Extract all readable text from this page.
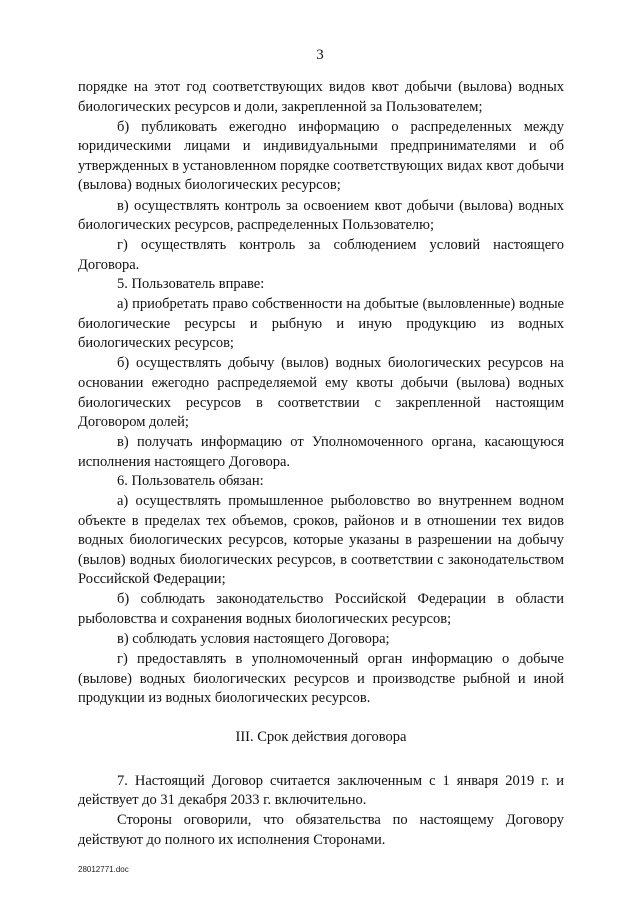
3

порядке на этот год соответствующих видов квот добычи (вылова) водных биологических ресурсов и доли, закрепленной за Пользователем;

б) публиковать ежегодно информацию о распределенных между юридическими лицами и индивидуальными предпринимателями и об утвержденных в установленном порядке соответствующих видах квот добычи (вылова) водных биологических ресурсов;

в) осуществлять контроль за освоением квот добычи (вылова) водных биологических ресурсов, распределенных Пользователю;

г) осуществлять контроль за соблюдением условий настоящего Договора.

5. Пользователь вправе:

а) приобретать право собственности на добытые (выловленные) водные биологические ресурсы и рыбную и иную продукцию из водных биологических ресурсов;

б) осуществлять добычу (вылов) водных биологических ресурсов на основании ежегодно распределяемой ему квоты добычи (вылова) водных биологических ресурсов в соответствии с закрепленной настоящим Договором долей;

в) получать информацию от Уполномоченного органа, касающуюся исполнения настоящего Договора.

6. Пользователь обязан:

а) осуществлять промышленное рыболовство во внутреннем водном объекте в пределах тех объемов, сроков, районов и в отношении тех видов водных биологических ресурсов, которые указаны в разрешении на добычу (вылов) водных биологических ресурсов, в соответствии с законодательством Российской Федерации;

б) соблюдать законодательство Российской Федерации в области рыболовства и сохранения водных биологических ресурсов;

в) соблюдать условия настоящего Договора;

г) предоставлять в уполномоченный орган информацию о добыче (вылове) водных биологических ресурсов и производстве рыбной и иной продукции из водных биологических ресурсов.

III. Срок действия договора

7. Настоящий Договор считается заключенным с 1 января 2019 г. и действует до 31 декабря 2033 г. включительно.

Стороны оговорили, что обязательства по настоящему Договору действуют до полного их исполнения Сторонами.

28012771.doc
